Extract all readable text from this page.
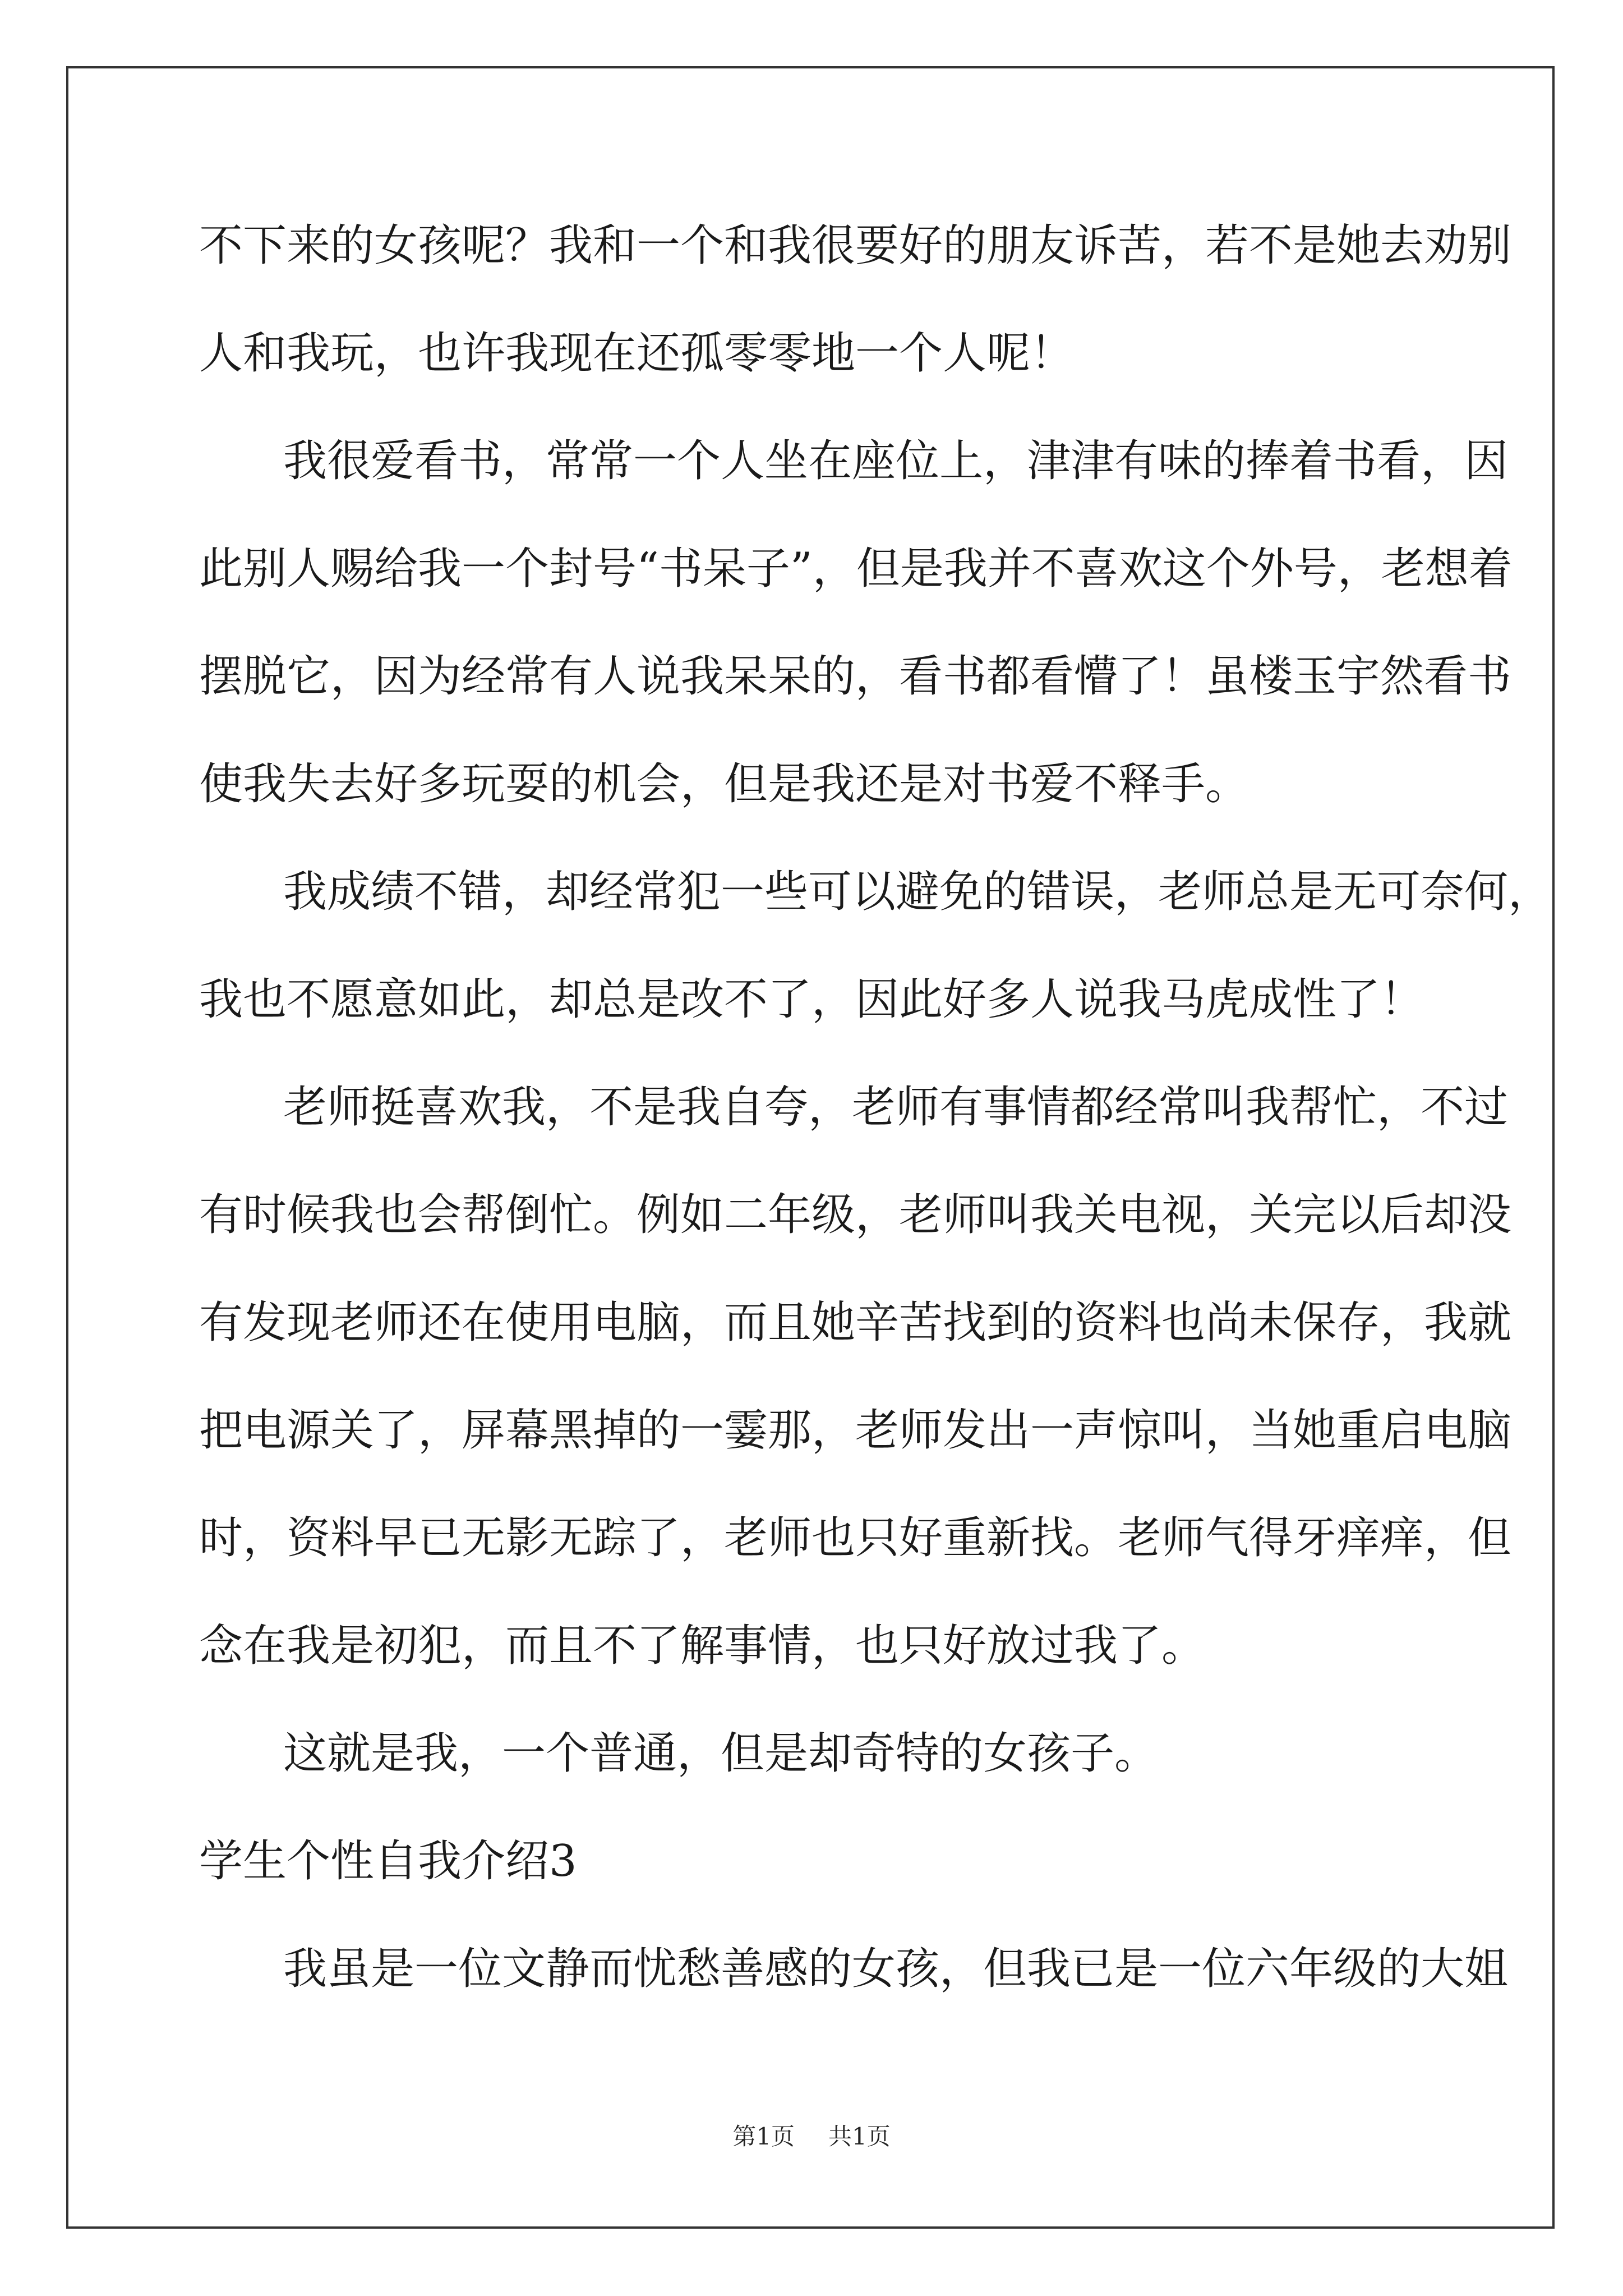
不下来的女孩呢？我和一个和我很要好的朋友诉苦，若不是她去劝别
人和我玩，也许我现在还孤零零地一个人呢！
我很爱看书，常常一个人坐在座位上，津津有味的捧着书看，因
此别人赐给我一个封号“书呆子”，但是我并不喜欢这个外号，老想着
摆脱它，因为经常有人说我呆呆的，看书都看懵了！虽楼玉宇然看书
使我失去好多玩耍的机会，但是我还是对书爱不释手。
我成绩不错，却经常犯一些可以避免的错误，老师总是无可奈何，
我也不愿意如此，却总是改不了，因此好多人说我马虎成性了！
老师挺喜欢我，不是我自夸，老师有事情都经常叫我帮忙，不过
有时候我也会帮倒忙。例如二年级，老师叫我关电视，关完以后却没
有发现老师还在使用电脑，而且她辛苦找到的资料也尚未保存，我就
把电源关了，屏幕黑掉的一霎那，老师发出一声惊叫，当她重启电脑
时，资料早已无影无踪了，老师也只好重新找。老师气得牙痒痒，但
念在我是初犯，而且不了解事情，也只好放过我了。
这就是我，一个普通，但是却奇特的女孩子。
学生个性自我介绍3
我虽是一位文静而忧愁善感的女孩，但我已是一位六年级的大姐
第1页 共1页
